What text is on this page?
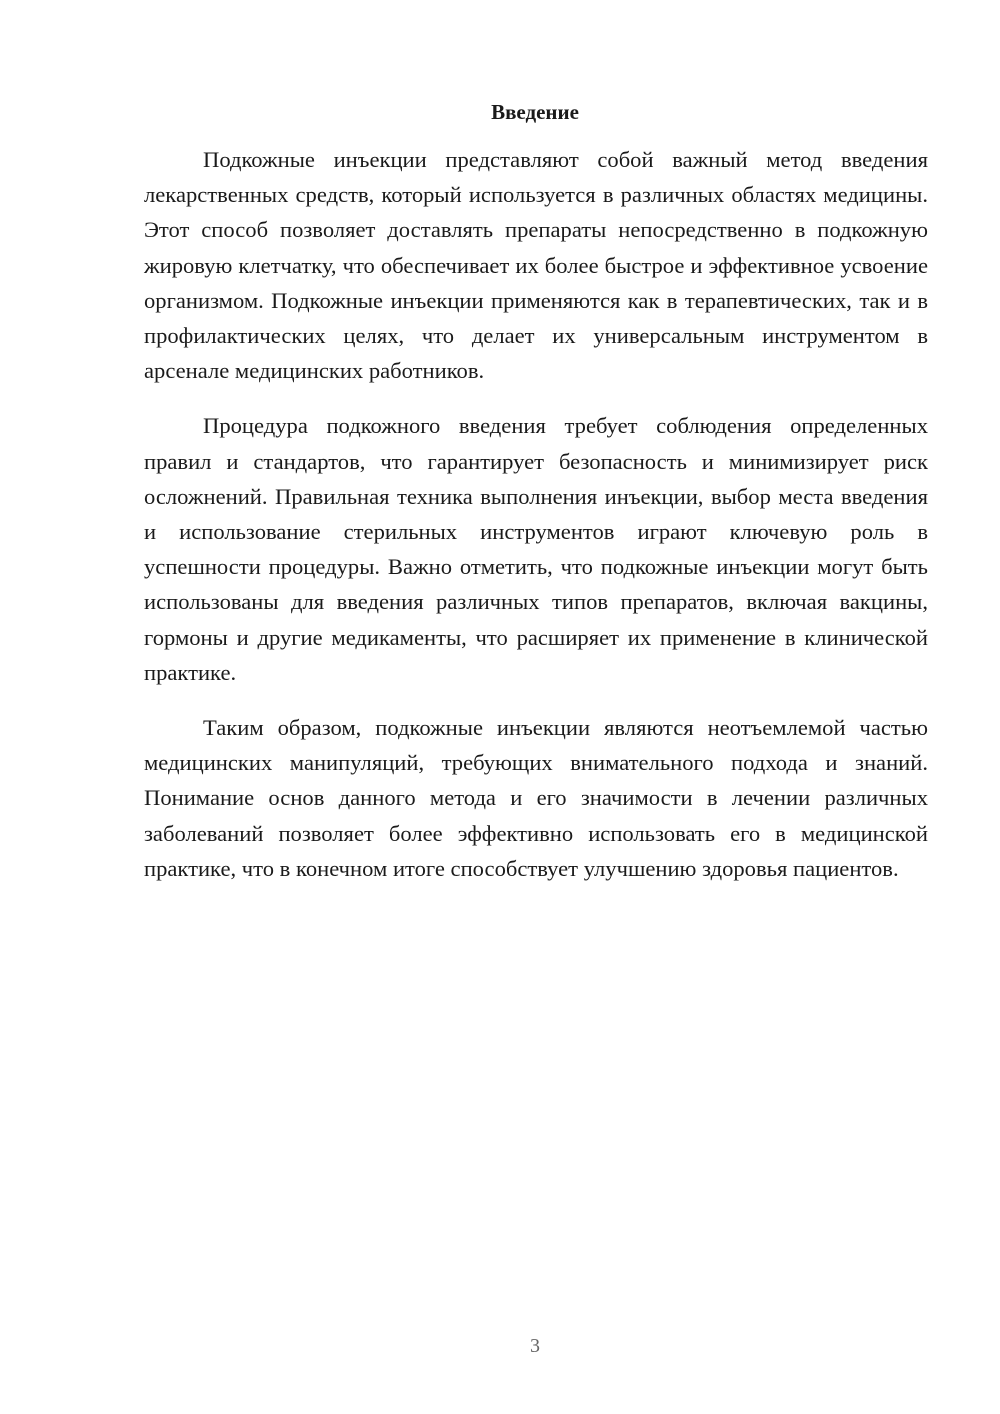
Введение

Подкожные инъекции представляют собой важный метод введения лекарственных средств, который используется в различных областях медицины. Этот способ позволяет доставлять препараты непосредственно в подкожную жировую клетчатку, что обеспечивает их более быстрое и эффективное усвоение организмом. Подкожные инъекции применяются как в терапевтических, так и в профилактических целях, что делает их универсальным инструментом в арсенале медицинских работников.

Процедура подкожного введения требует соблюдения определенных правил и стандартов, что гарантирует безопасность и минимизирует риск осложнений. Правильная техника выполнения инъекции, выбор места введения и использование стерильных инструментов играют ключевую роль в успешности процедуры. Важно отметить, что подкожные инъекции могут быть использованы для введения различных типов препаратов, включая вакцины, гормоны и другие медикаменты, что расширяет их применение в клинической практике.

Таким образом, подкожные инъекции являются неотъемлемой частью медицинских манипуляций, требующих внимательного подхода и знаний. Понимание основ данного метода и его значимости в лечении различных заболеваний позволяет более эффективно использовать его в медицинской практике, что в конечном итоге способствует улучшению здоровья пациентов.

3
